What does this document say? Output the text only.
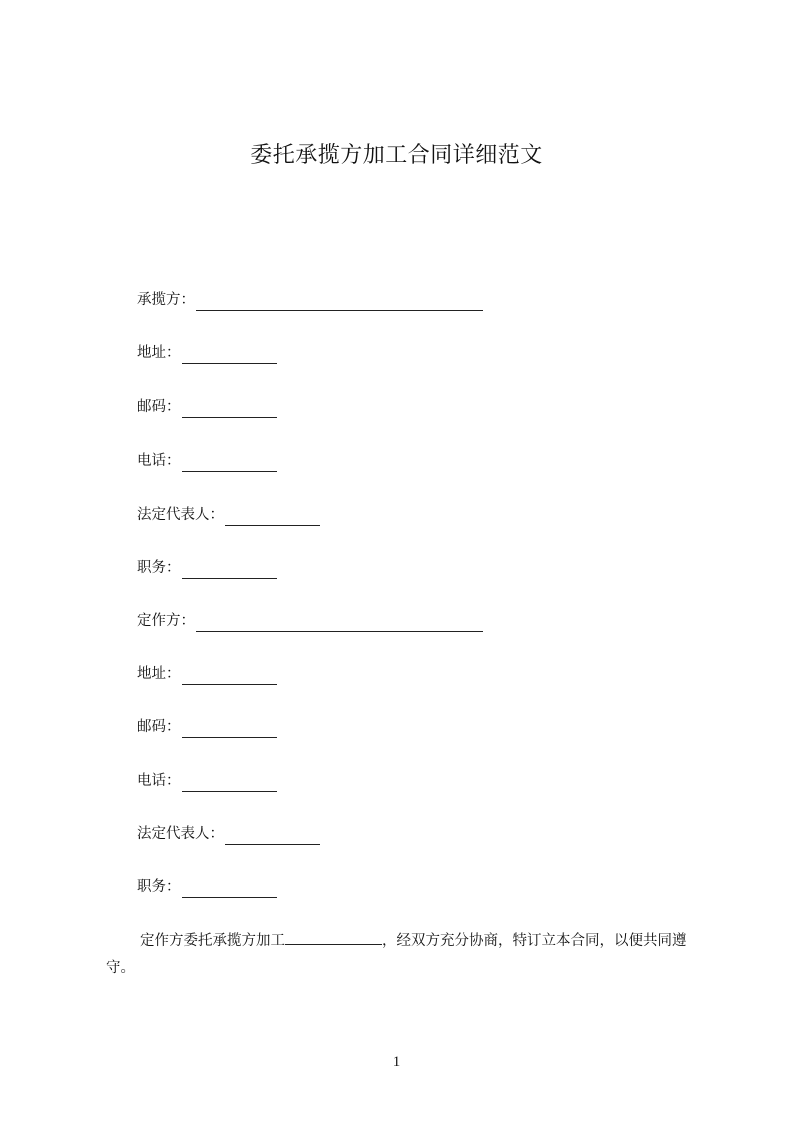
委托承揽方加工合同详细范文
承揽方：
地址：
邮码：
电话：
法定代表人：
职务：
定作方：
地址：
邮码：
电话：
法定代表人：
职务：
定作方委托承揽方加工	，经双方充分协商，特订立本合同，以便共同遵守。
1
